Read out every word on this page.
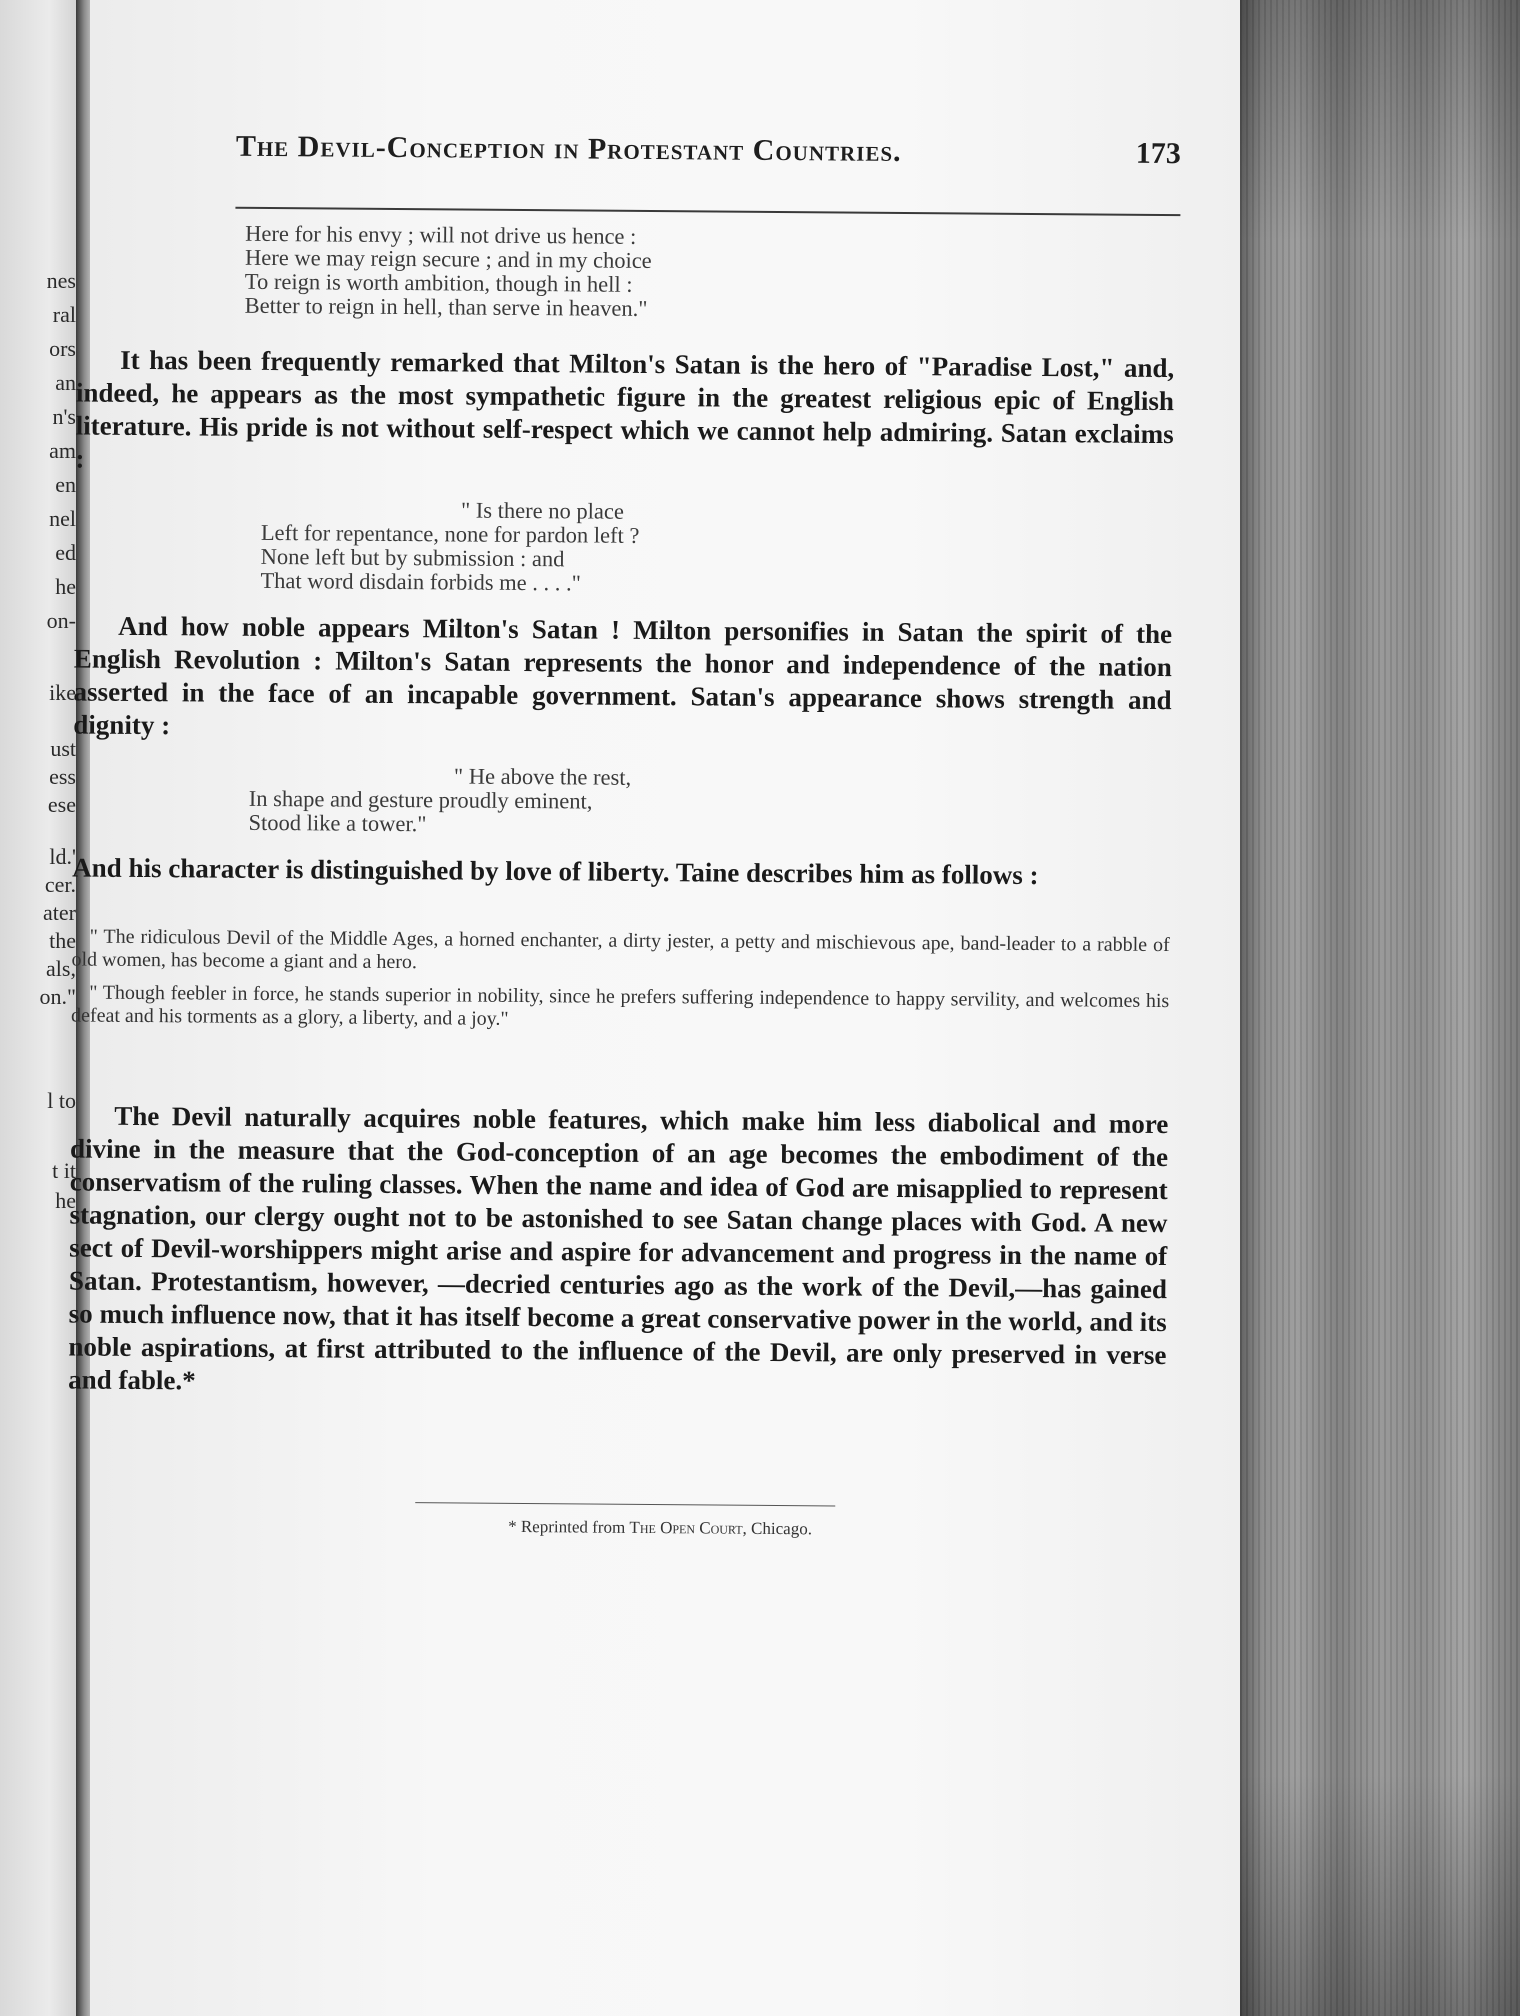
nes
ral
ors
an
n's
am
en
nel
ed
he
on-
ike
ust
ess
ese
ld.'
cer.
ater
the
als,
on."
l to
t it
he
The Devil-Conception in Protestant Countries.	173
Here for his envy ; will not drive us hence :
Here we may reign secure ; and in my choice
To reign is worth ambition, though in hell :
Better to reign in hell, than serve in heaven."

It has been frequently remarked that Milton's Satan is the hero of "Paradise Lost," and, indeed, he appears as the most sympathetic figure in the greatest religious epic of English literature. His pride is not without self-respect which we cannot help admiring. Satan exclaims :

" Is there no place
Left for repentance, none for pardon left ?
None left but by submission : and
That word disdain forbids me . . . ."

And how noble appears Milton's Satan ! Milton personifies in Satan the spirit of the English Revolution : Milton's Satan represents the honor and independence of the nation asserted in the face of an incapable government. Satan's appearance shows strength and dignity :

" He above the rest,
In shape and gesture proudly eminent,
Stood like a tower."

And his character is distinguished by love of liberty. Taine describes him as follows :

" The ridiculous Devil of the Middle Ages, a horned enchanter, a dirty jester, a petty and mischievous ape, band-leader to a rabble of old women, has become a giant and a hero.

" Though feebler in force, he stands superior in nobility, since he prefers suffering independence to happy servility, and welcomes his defeat and his torments as a glory, a liberty, and a joy."

The Devil naturally acquires noble features, which make him less diabolical and more divine in the measure that the God-conception of an age becomes the embodiment of the conservatism of the ruling classes. When the name and idea of God are misapplied to represent stagnation, our clergy ought not to be astonished to see Satan change places with God. A new sect of Devil-worshippers might arise and aspire for advancement and progress in the name of Satan. Protestantism, however, —decried centuries ago as the work of the Devil,—has gained so much influence now, that it has itself become a great conservative power in the world, and its noble aspirations, at first attributed to the influence of the Devil, are only preserved in verse and fable.*

* Reprinted from The Open Court, Chicago.
